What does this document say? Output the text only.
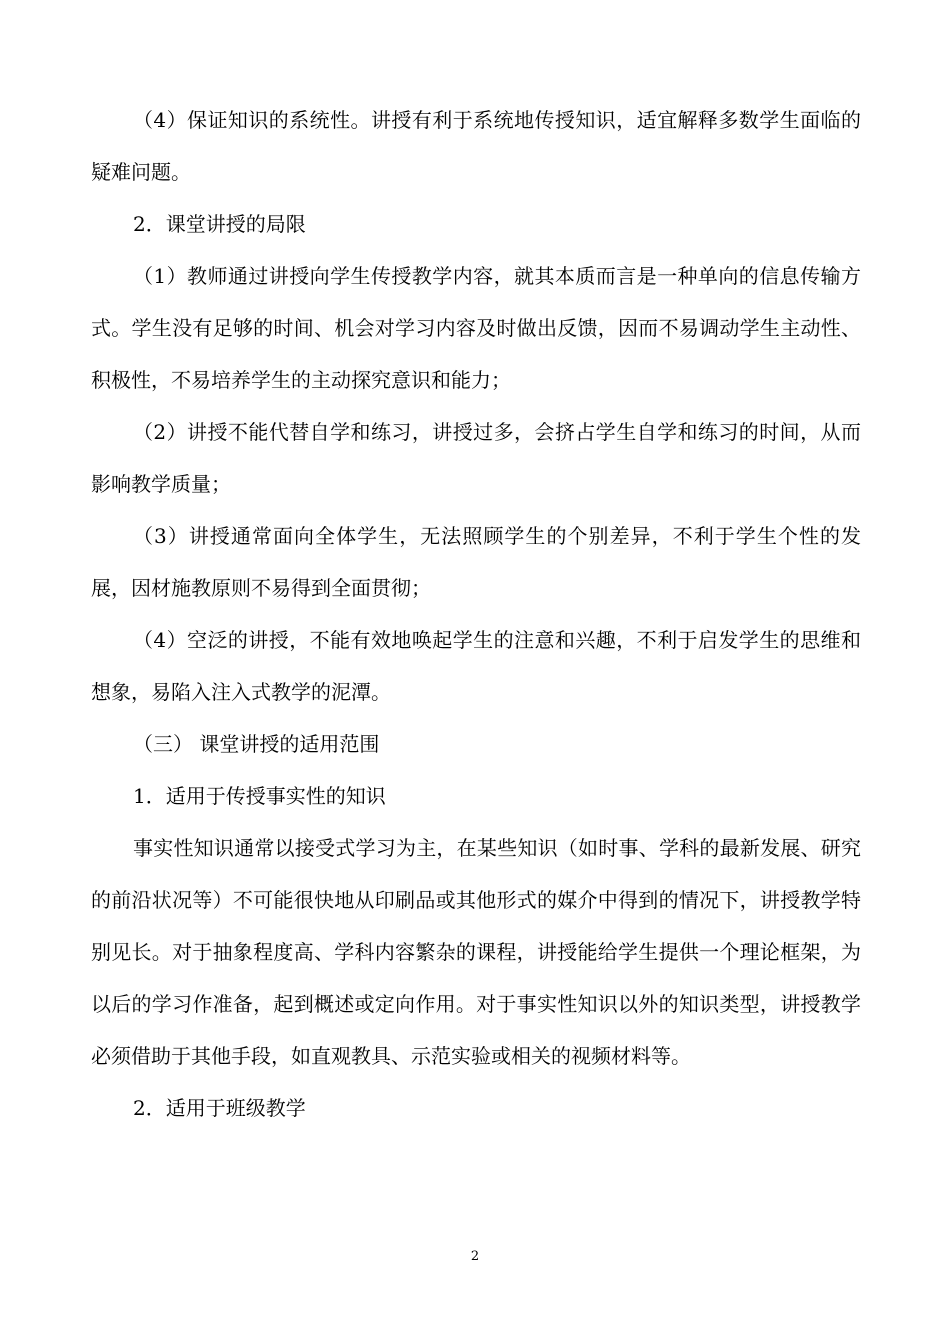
（4）保证知识的系统性。讲授有利于系统地传授知识，适宜解释多数学生面临的疑难问题。

2．课堂讲授的局限

（1）教师通过讲授向学生传授教学内容，就其本质而言是一种单向的信息传输方式。学生没有足够的时间、机会对学习内容及时做出反馈，因而不易调动学生主动性、积极性，不易培养学生的主动探究意识和能力；

（2）讲授不能代替自学和练习，讲授过多，会挤占学生自学和练习的时间，从而影响教学质量；

（3）讲授通常面向全体学生，无法照顾学生的个别差异，不利于学生个性的发展，因材施教原则不易得到全面贯彻；

（4）空泛的讲授，不能有效地唤起学生的注意和兴趣，不利于启发学生的思维和想象，易陷入注入式教学的泥潭。

（三） 课堂讲授的适用范围

1．适用于传授事实性的知识

事实性知识通常以接受式学习为主，在某些知识（如时事、学科的最新发展、研究的前沿状况等）不可能很快地从印刷品或其他形式的媒介中得到的情况下，讲授教学特别见长。对于抽象程度高、学科内容繁杂的课程，讲授能给学生提供一个理论框架，为以后的学习作准备，起到概述或定向作用。对于事实性知识以外的知识类型，讲授教学必须借助于其他手段，如直观教具、示范实验或相关的视频材料等。

2．适用于班级教学

2
